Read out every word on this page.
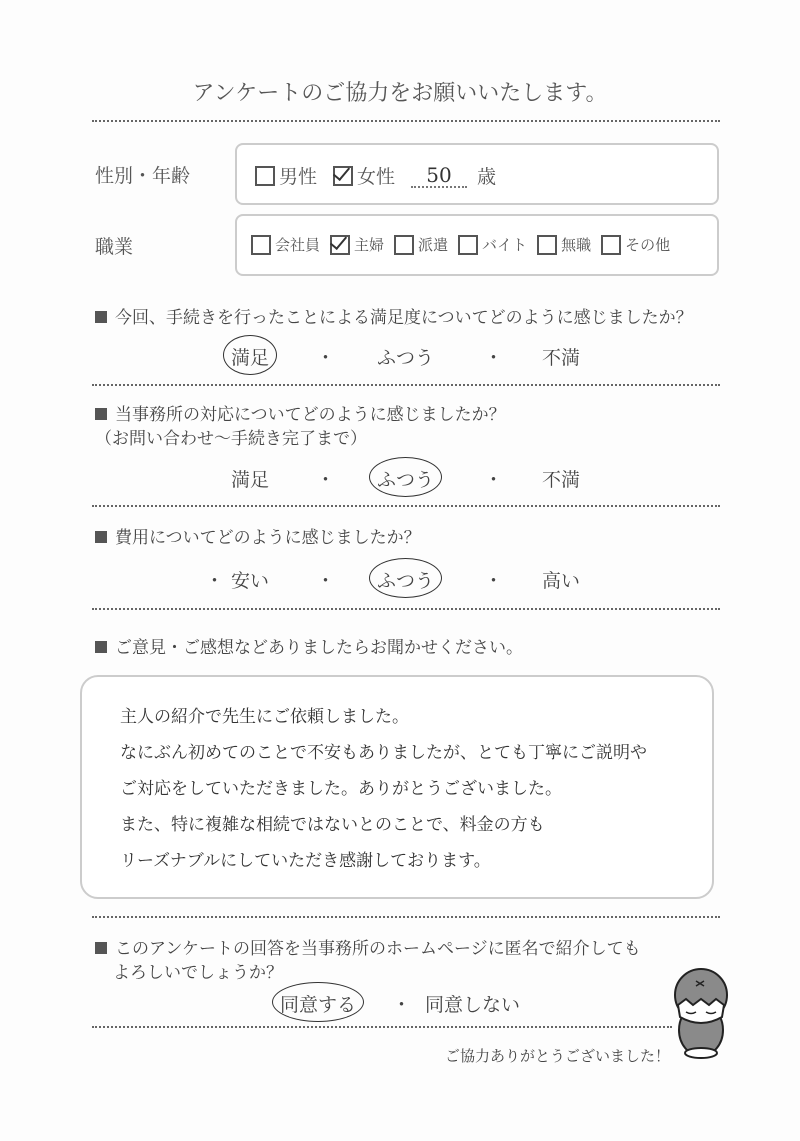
アンケートのご協力をお願いいたします。
性別・年齢	男性 女性	50	歳
職業	会社員 主婦 派遣 バイト 無職 その他
今回、手続きを行ったことによる満足度についてどのように感じましたか？
満足	ふつう	不満
・	・
当事務所の対応についてどのように感じましたか？
（お問い合わせ〜手続き完了まで）
満足	ふつう	不満
・	・
費用についてどのように感じましたか？
安い	ふつう	高い
・	・	・
ご意見・ご感想などありましたらお聞かせください。
主人の紹介で先生にご依頼しました。
なにぶん初めてのことで不安もありましたが、とても丁寧にご説明や
ご対応をしていただきました。ありがとうございました。
また、特に複雑な相続ではないとのことで、料金の方も
リーズナブルにしていただき感謝しております。
このアンケートの回答を当事務所のホームページに匿名で紹介しても
よろしいでしょうか？
同意する	同意しない
・
ご協力ありがとうございました！
